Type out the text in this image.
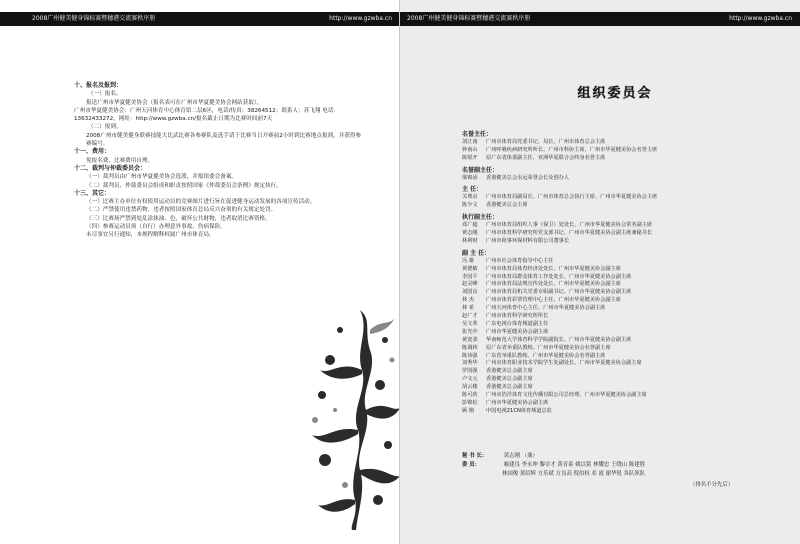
2008广州健美健身锦标赛暨穗港交流赛秩序册	http://www.gzwba.cn
十、报名及报到：
（一）报名。
报送广州市华夏健美协会（报名表可在广州市华夏健美协会网站获取），
广州市华夏健美协会：广州天河体育中心体育馆二层6区，电话/传真：38264512；联系人：苏飞翔 电话：13632433272，网址：http://www.gzwba.cn/报名截止日期为比赛时间前7天
（二）报到。
2008广州市健美健身联赛技能大比武比赛各参赛队及选手请于比赛当日开赛前2小时到比赛地点报到，并获得参赛编号。
十一、费用：
免报名费、比赛费用自理。
十二、裁判与仲裁委员会：
（一）裁判员由广州市华夏健美协会选派，并报组委会备案。
（二）裁判员、仲裁委员会组成和职责按照国家《仲裁委员会条例》规定执行。
十三、其它：
（一）比赛主办单位有权使用运动员的竞赛图片进行旨在促进健身运动发展的各项宣传活动。
（二）严禁使用违禁药物，违者按照国家体育总局反兴奋剂的有关规定处罚。
（三）比赛场严禁到处乱涂抹油、色，破坏公共财物，违者取消比赛资格。
（四）参赛运动员须（自行）办理意外事故、伤病保险。
未尽事宜另行通知，本规程解释权属广州市体育局。
2008广州健美健身锦标赛暨穗港交流赛秩序册	http://www.gzwba.cn
组织委员会
名誉主任：
刘江南	广州市体育局党委书记、局长、广州市体育总会主席
钟南山	广州呼吸疾病研究所所长、广州市科协主席、广州市华夏健美协会名誉主席
陈锐开	原广东省体委副主任、亚洲华夏联合会终身名誉主席
名誉副主任：
梁锦添	香港健美总会永远荣誉会长及创办人
主 任：
关理贞	广州市体育局副局长、广州市体育总会执行主席、广州市华夏健美协会主席
陈少文	香港健美总会主席
执行副主任：
邓广超	广州市体育局组织人事（保卫）处处长、广州市华夏健美协会常务副主席
黄志刚	广州市体育科学研究所党支部书记、广州市华夏健美协会副主席兼秘书长
林利财	广州市荷事环保材料有限公司董事长
副 主 任：
冯 雄	广州市社会体育指导中心主任
黄德敏	广州市体育局体育经济处处长、广州市华夏健美协会副主席
李国平	广州市体育局群众体育工作处处长、广州市华夏健美协会副主席
赵灵峰	广州市体育局法规宣传处处长、广州市华夏健美协会副主席
刘国良	广州市体育局机关党委专职副书记、广州市华夏健美协会副主席
林 杰	广州市体育彩票管理中心主任、广州市华夏健美协会副主席
林 希	广州天河体育中心主任、广州市华夏健美协会副主席
赵广才	广州市体育科学研究所所长
吴文革	广东电视台体育频道副主任
张光中	广州市华夏健美协会副主席
黄宽柔	华南师范大学体育科学学院副院长、广州市华夏健美协会副主席
陈调林	原广东省举重队教练、广州市华夏健美协会名誉副主席
陈伟强	广东省举重队教练、广州市华夏健美协会名誉副主席
刘秀华	广州市体育职业技术学院学生处副处长、广州市华夏健美协会副主席
罗国强	香港健美总会副主席
卢文元	香港健美总会副主席
胡云楼	香港健美总会副主席
陈可欣	广州市浩洋体育文化传播有限公司总经理、广州市华夏健美协会副主席
彭锦松	广州市华夏健美协会副主席
顾 刚	中国电视21CN体育频道总监
秘 书 长：	黄志刚 （兼）
委 员：	喻建良 李永坤 黎卓才 黄育泰 姚以铭 林耀忠 王晓山 陈建胜
林国俊 黄绍辉 方乐斌 方良高 倪伯权 邓 霞 谢华锐 各队领队
（排名不分先后）
